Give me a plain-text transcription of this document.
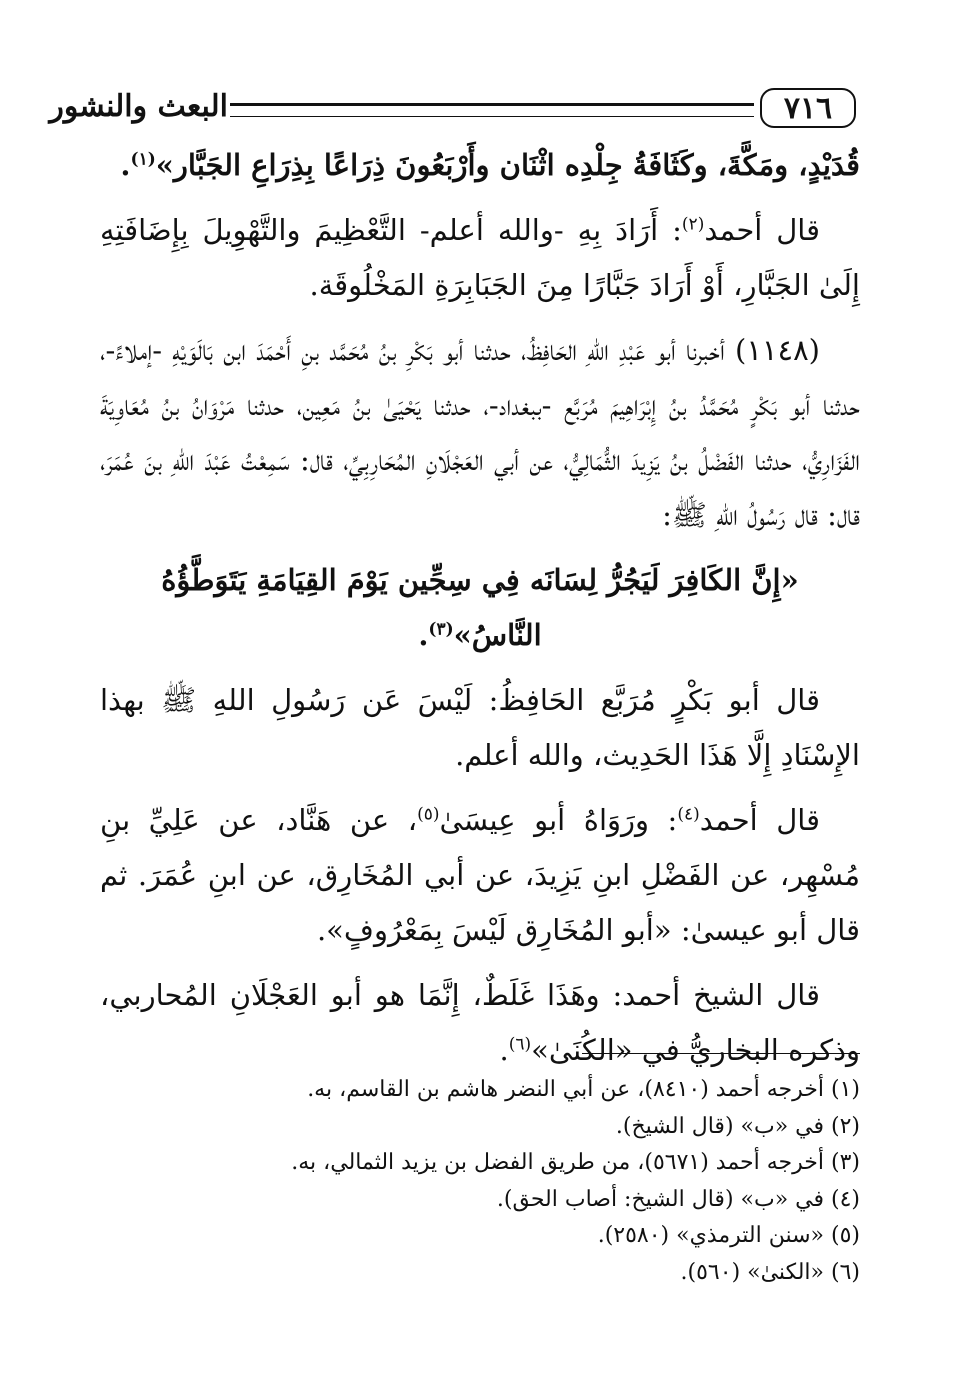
٧١٦
البعث والنشور

قُدَيْدٍ، ومَكَّةَ، وكَثَافَةُ جِلْدِه اثْنَان وأَرْبَعُونَ ذِرَاعًا بِذِرَاعِ الجَبَّار»$^{(١)}$.

قال أحمد$^{(٢)}$: أَرَادَ بِهِ -والله أعلم- التَّعْظِيمَ والتَّهْوِيلَ بِإِضَافَتِهِ إِلَىٰ الجَبَّارِ، أَوْ أَرَادَ جَبَّارًا مِنَ الجَبَابِرَةِ المَخْلُوقَة.

(١١٤٨) أخبرنا أبو عَبْدِ اللهِ الحَافِظُ، حدثنا أبو بَكْرِ بنُ مُحَمَّد بنِ أَحْمَدَ ابن بَالَوَيْهِ -إملاءً-، حدثنا أبو بَكْرٍ مُحَمَّدُ بنُ إِبْرَاهِيمَ مُرَبَّع -ببغداد-، حدثنا يَحْيَىٰ بنُ مَعِين، حدثنا مَرْوَانُ بنُ مُعَاوِيَةَ الفَزَارِيُّ، حدثنا الفَضْلُ بنُ يَزِيدَ الثُّمَالِيُّ، عن أبي العَجْلَانِ المُحَارِبِيِّ، قال: سَمِعْتُ عَبْدَ اللهِ بنَ عُمَرَ، قال: قال رَسُولُ اللهِ ﷺ:

«إِنَّ الكَافِرَ لَيَجُرُّ لِسَانَه فِي سِجِّين يَوْمَ القِيَامَةِ يَتَوَطَّؤُهُ النَّاسُ»$^{(٣)}$.

قال أبو بَكْرٍ مُرَبَّع الحَافِظُ: لَيْسَ عَن رَسُولِ اللهِ ﷺ بهذا الإِسْنَادِ إِلَّا هَذَا الحَدِيث، والله أعلم.

قال أحمد$^{(٤)}$: ورَوَاهُ أبو عِيسَىٰ$^{(٥)}$، عن هَنَّاد، عن عَلِيِّ بنِ مُسْهِر، عن الفَضْلِ ابنِ يَزِيدَ، عن أبي المُخَارِق، عن ابنِ عُمَرَ. ثم قال أبو عيسىٰ: «أبو المُخَارِق لَيْسَ بِمَعْرُوفٍ».

قال الشيخ أحمد: وهَذَا غَلَطٌ، إِنَّمَا هو أبو العَجْلَانِ المُحاربي، وذكره البخاريُّ في «الكُنَىٰ»$^{(٦)}$.

(١) أخرجه أحمد (٨٤١٠)، عن أبي النضر هاشم بن القاسم، به.

(٢) في «ب» (قال الشيخ).

(٣) أخرجه أحمد (٥٦٧١)، من طريق الفضل بن يزيد الثمالي، به.

(٤) في «ب» (قال الشيخ: أصاب الحق).

(٥) «سنن الترمذي» (٢٥٨٠).

(٦) «الكنىٰ» (٥٦٠).
